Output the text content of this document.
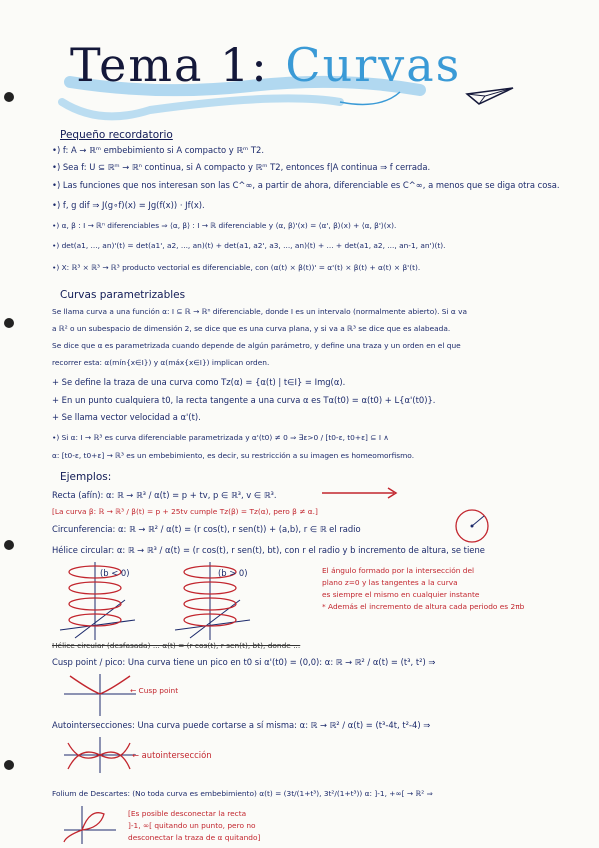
Tema 1: Curvas
Pequeño recordatorio
•) f: A → ℝᵐ embebimiento si A compacto y ℝᵐ T2.
•) Sea f: U ⊆ ℝᵐ → ℝⁿ continua, si A compacto y ℝᵐ T2, entonces f|A continua ⇒ f cerrada.
•) Las funciones que nos interesan son las C^∞, a partir de ahora, diferenciable es C^∞, a menos que se diga otra cosa.
•) f, g dif ⇒ J(g∘f)(x) = Jg(f(x)) · Jf(x).
•) α, β : I → ℝⁿ diferenciables ⇒ ⟨α, β⟩ : I → ℝ diferenciable y ⟨α, β⟩'(x) = ⟨α', β⟩(x) + ⟨α, β'⟩(x).
•) det(a1, ..., an)'(t) = det(a1', a2, ..., an)(t) + det(a1, a2', a3, ..., an)(t) + ... + det(a1, a2, ..., an-1, an')(t).
•) X: ℝ³ × ℝ³ → ℝ³ producto vectorial es diferenciable, con (α(t) × β(t))' = α'(t) × β(t) + α(t) × β'(t).
Curvas parametrizables
Se llama curva a una función α: I ⊆ ℝ → ℝⁿ diferenciable, donde I es un intervalo (normalmente abierto). Si α va
a ℝ² o un subespacio de dimensión 2, se dice que es una curva plana, y si va a ℝ³ se dice que es alabeada.
Se dice que α es parametrizada cuando depende de algún parámetro, y define una traza y un orden en el que
recorrer esta: α(mín{x∈I}) y α(máx{x∈I}) implican orden.
+ Se define la traza de una curva como Tz(α) = {α(t) | t∈I} = Img(α).
+ En un punto cualquiera t0, la recta tangente a una curva α es Tα(t0) = α(t0) + L{α'(t0)}.
+ Se llama vector velocidad a α'(t).
•) Si α: I → ℝ³ es curva diferenciable parametrizada y α'(t0) ≠ 0 ⇒ ∃ε>0 / [t0-ε, t0+ε] ⊆ I ∧
α: [t0-ε, t0+ε] → ℝ³ es un embebimiento, es decir, su restricción a su imagen es homeomorfismo.
Ejemplos:
Recta (afín): α: ℝ → ℝ³ / α(t) = p + tv, p ∈ ℝ³, v ∈ ℝ³.
[La curva β: ℝ → ℝ³ / β(t) = p + 25tv cumple Tz(β) = Tz(α), pero β ≠ α.]
Circunferencia: α: ℝ → ℝ² / α(t) = (r cos(t), r sen(t)) + (a,b), r ∈ ℝ el radio
Hélice circular: α: ℝ → ℝ³ / α(t) = (r cos(t), r sen(t), bt), con r el radio y b incremento de altura, se tiene
(b < 0)	(b > 0)	El ángulo formado por la intersección del
plano z=0 y las tangentes a la curva
es siempre el mismo en cualquier instante
* Además el incremento de altura cada periodo es 2πb
Hélice circular (desfasada) ... α(t) = (r cos(t), r sen(t), bt), donde ...
Cusp point / pico: Una curva tiene un pico en t0 si α'(t0) = (0,0): α: ℝ → ℝ² / α(t) = (t³, t²) ⇒
← Cusp point
Autointersecciones: Una curva puede cortarse a sí misma: α: ℝ → ℝ² / α(t) = (t³-4t, t²-4) ⇒
← autointersección
Folium de Descartes: (No toda curva es embebimiento) α(t) = (3t/(1+t³), 3t²/(1+t³)) α: ]-1, +∞[ → ℝ² ⇒
[Es posible desconectar la recta
]-1, ∞[ quitando un punto, pero no
desconectar la traza de α quitando]
